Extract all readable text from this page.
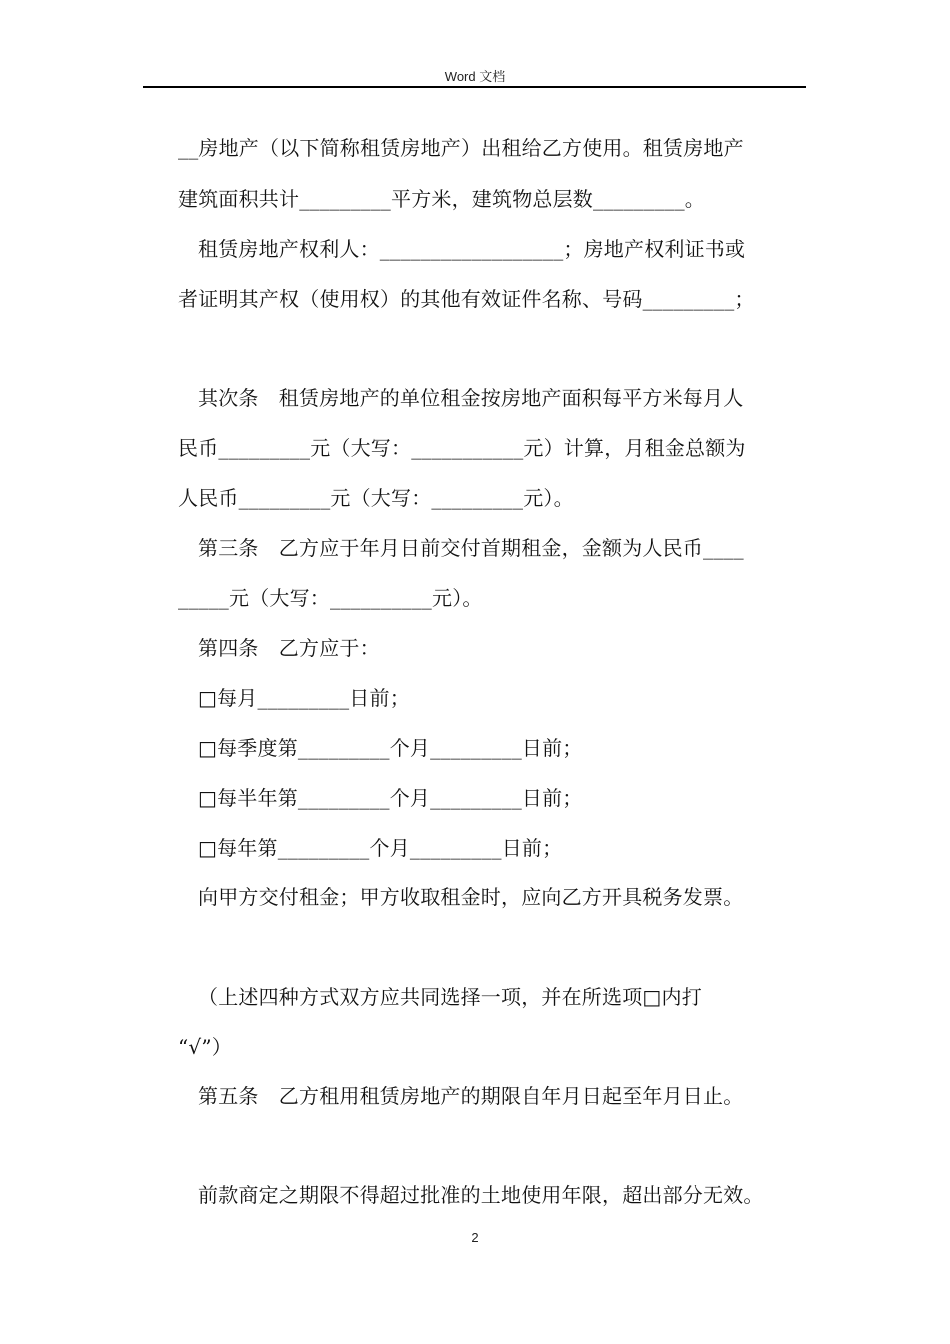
Word 文档
__房地产（以下简称租赁房地产）出租给乙方使用。租赁房地产
建筑面积共计_________平方米，建筑物总层数_________。
租赁房地产权利人：__________________；房地产权利证书或
者证明其产权（使用权）的其他有效证件名称、号码_________；
其次条　租赁房地产的单位租金按房地产面积每平方米每月人
民币_________元（大写：___________元）计算，月租金总额为
人民币_________元（大写：_________元）。
第三条　乙方应于年月日前交付首期租金，金额为人民币____
_____元（大写：__________元）。
第四条　乙方应于：
□每月_________日前；
□每季度第_________个月_________日前；
□每半年第_________个月_________日前；
□每年第_________个月_________日前；
向甲方交付租金；甲方收取租金时，应向乙方开具税务发票。
（上述四种方式双方应共同选择一项，并在所选项□内打
“√”）
第五条　乙方租用租赁房地产的期限自年月日起至年月日止。
前款商定之期限不得超过批准的土地使用年限，超出部分无效。
2
